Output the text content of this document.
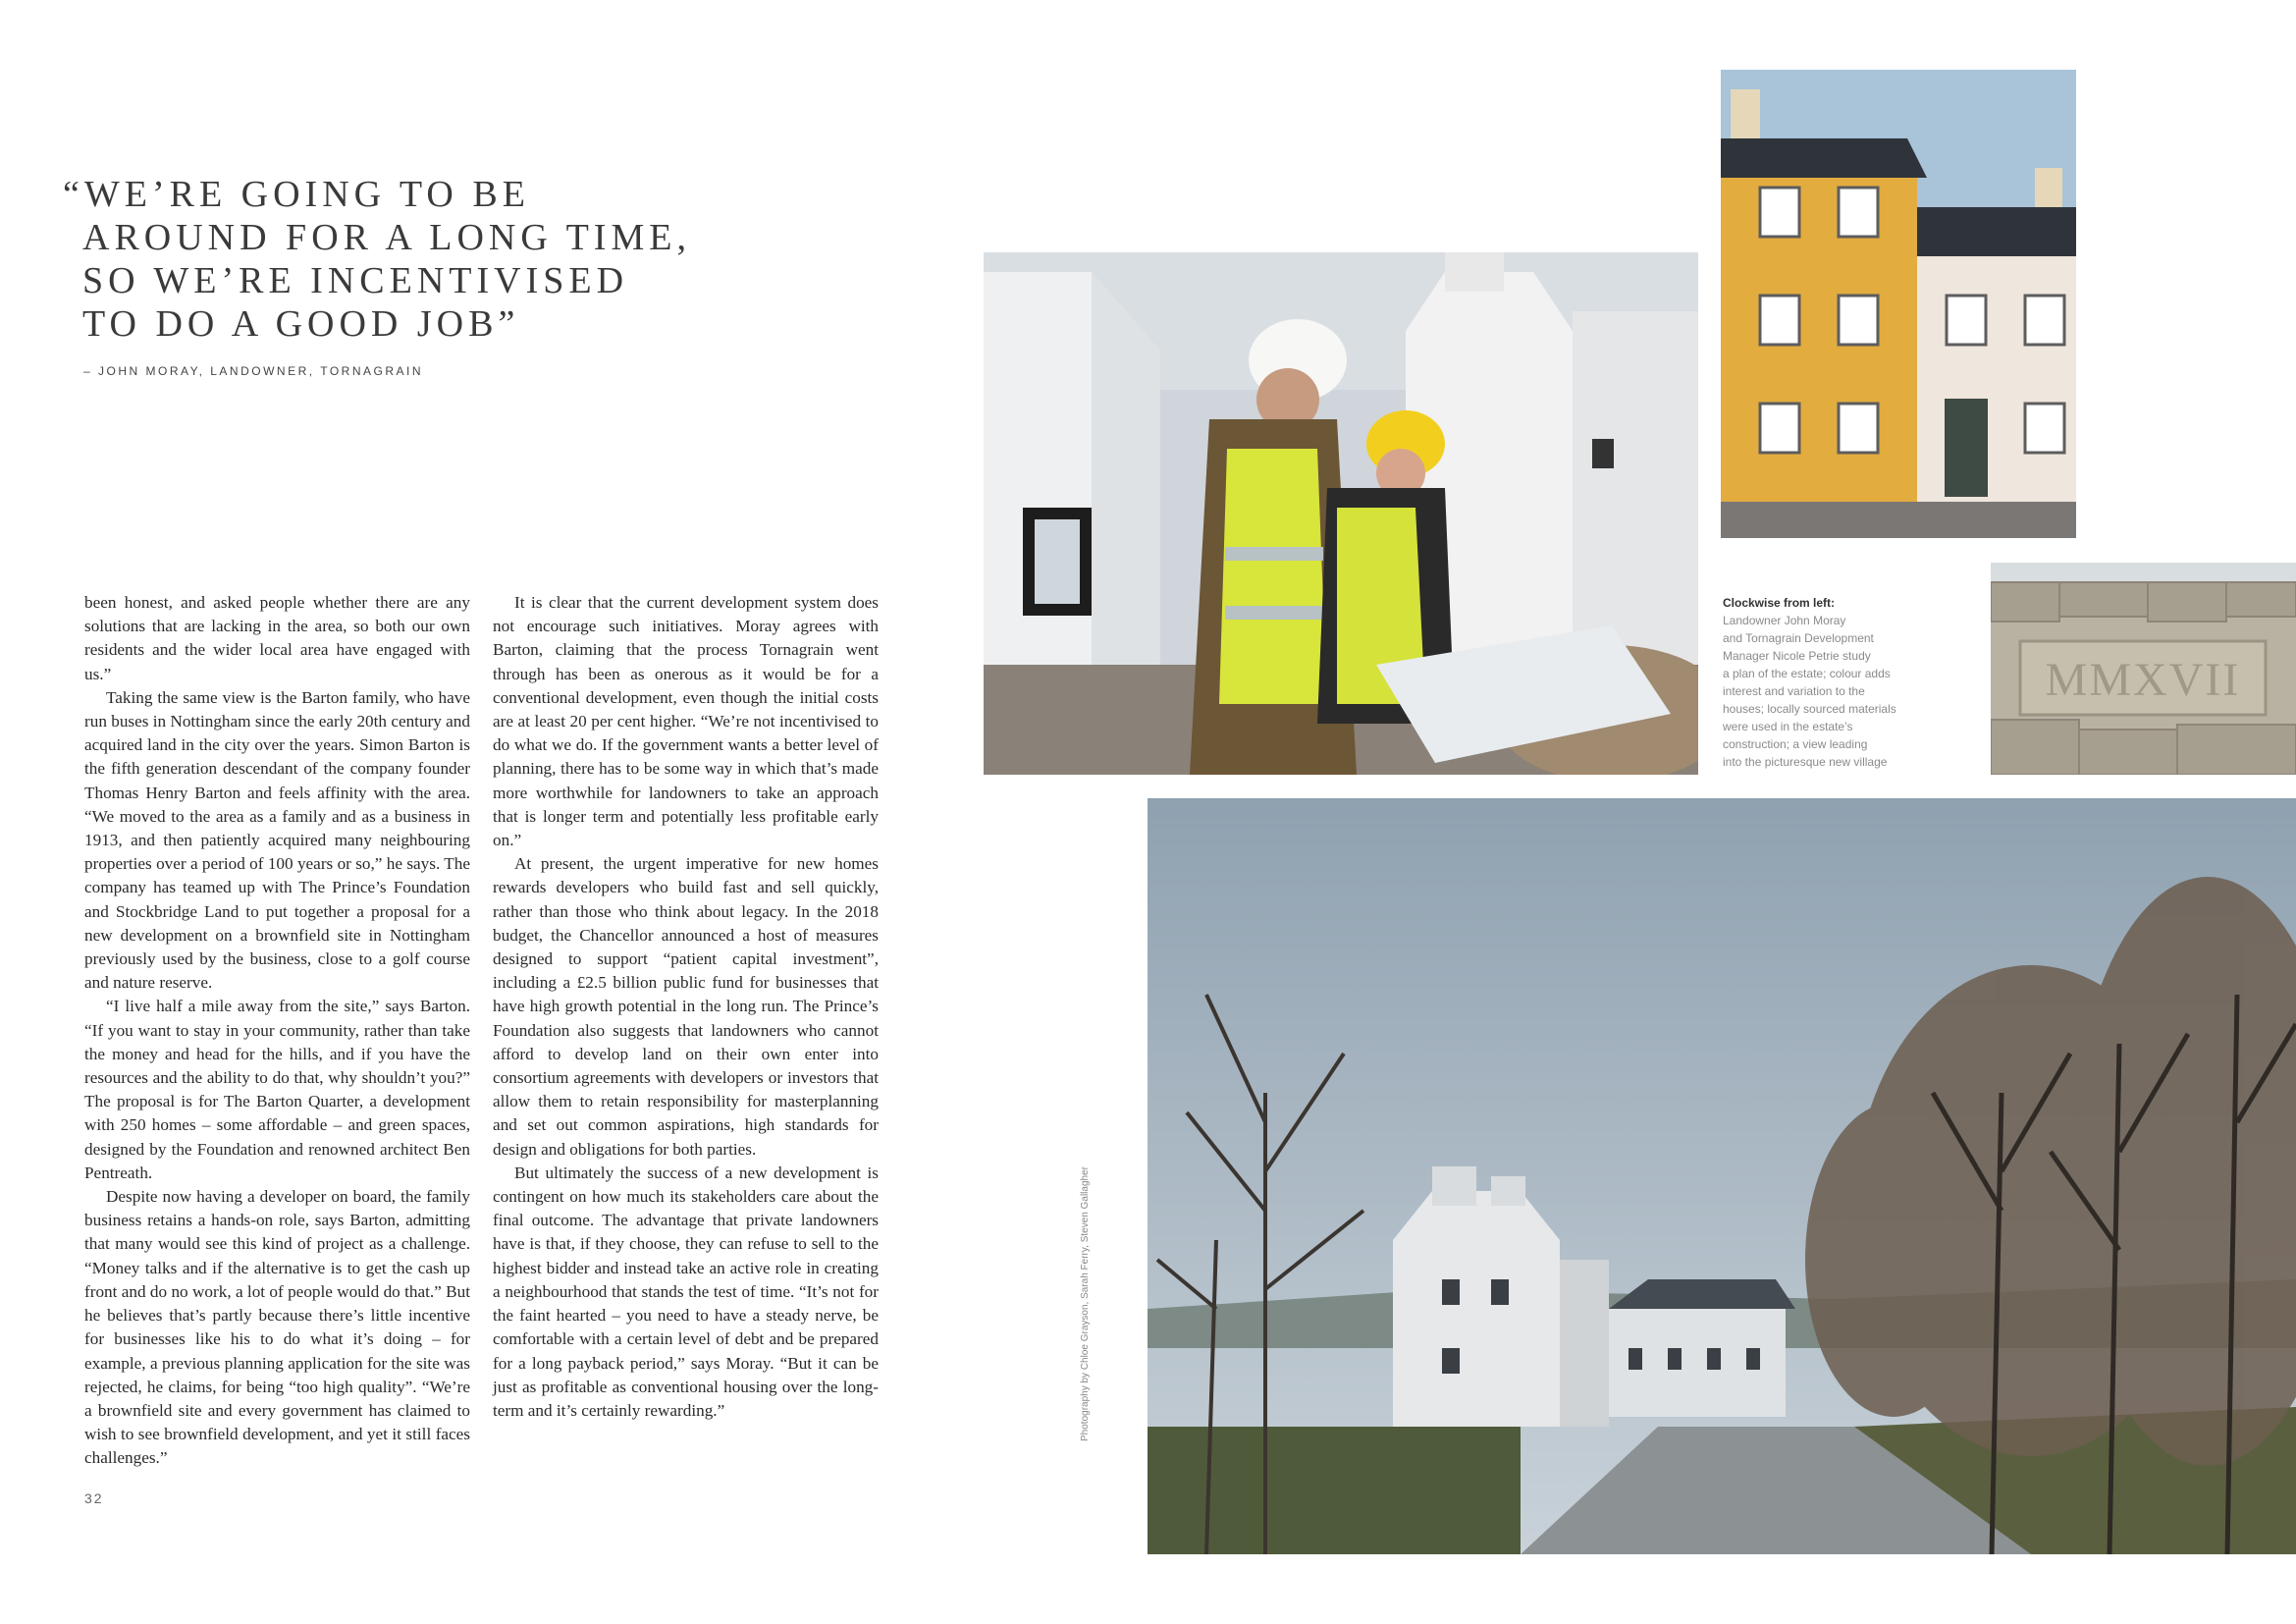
“WE’RE GOING TO BE
AROUND FOR A LONG TIME,
SO WE’RE INCENTIVISED
TO DO A GOOD JOB”
– JOHN MORAY, LANDOWNER, TORNAGRAIN

been honest, and asked people whether there are any solutions that are lacking in the area, so both our own residents and the wider local area have engaged with us.”

Taking the same view is the Barton family, who have run buses in Nottingham since the early 20th century and acquired land in the city over the years. Simon Barton is the fifth generation descendant of the company founder Thomas Henry Barton and feels affinity with the area. “We moved to the area as a family and as a business in 1913, and then patiently acquired many neighbouring properties over a period of 100 years or so,” he says. The company has teamed up with The Prince’s Foundation and Stockbridge Land to put together a proposal for a new development on a brownfield site in Nottingham previously used by the business, close to a golf course and nature reserve.

“I live half a mile away from the site,” says Barton. “If you want to stay in your community, rather than take the money and head for the hills, and if you have the resources and the ability to do that, why shouldn’t you?” The proposal is for The Barton Quarter, a development with 250 homes – some affordable – and green spaces, designed by the Foundation and renowned architect Ben Pentreath.

Despite now having a developer on board, the family business retains a hands-on role, says Barton, admitting that many would see this kind of project as a challenge. “Money talks and if the alternative is to get the cash up front and do no work, a lot of people would do that.” But he believes that’s partly because there’s little incentive for businesses like his to do what it’s doing – for example, a previous planning application for the site was rejected, he claims, for being “too high quality”. “We’re a brownfield site and every government has claimed to wish to see brownfield development, and yet it still faces challenges.”

It is clear that the current development system does not encourage such initiatives. Moray agrees with Barton, claiming that the process Tornagrain went through has been as onerous as it would be for a conventional development, even though the initial costs are at least 20 per cent higher. “We’re not incentivised to do what we do. If the government wants a better level of planning, there has to be some way in which that’s made more worthwhile for landowners to take an approach that is longer term and potentially less profitable early on.”

At present, the urgent imperative for new homes rewards developers who build fast and sell quickly, rather than those who think about legacy. In the 2018 budget, the Chancellor announced a host of measures designed to support “patient capital investment”, including a £2.5 billion public fund for businesses that have high growth potential in the long run. The Prince’s Foundation also suggests that landowners who cannot afford to develop land on their own enter into consortium agreements with developers or investors that allow them to retain responsibility for masterplanning and set out common aspirations, high standards for design and obligations for both parties.

But ultimately the success of a new development is contingent on how much its stakeholders care about the final outcome. The advantage that private landowners have is that, if they choose, they can refuse to sell to the highest bidder and instead take an active role in creating a neighbourhood that stands the test of time. “It’s not for the faint hearted – you need to have a steady nerve, be comfortable with a certain level of debt and be prepared for a long payback period,” says Moray. “But it can be just as profitable as conventional housing over the long-term and it’s certainly rewarding.”

32
MMXVII
Clockwise from left:
Landowner John Moray
and Tornagrain Development
Manager Nicole Petrie study
a plan of the estate; colour adds
interest and variation to the
houses; locally sourced materials
were used in the estate’s
construction; a view leading
into the picturesque new village
Photography by Chloe Grayson, Sarah Ferry, Steven Gallagher
